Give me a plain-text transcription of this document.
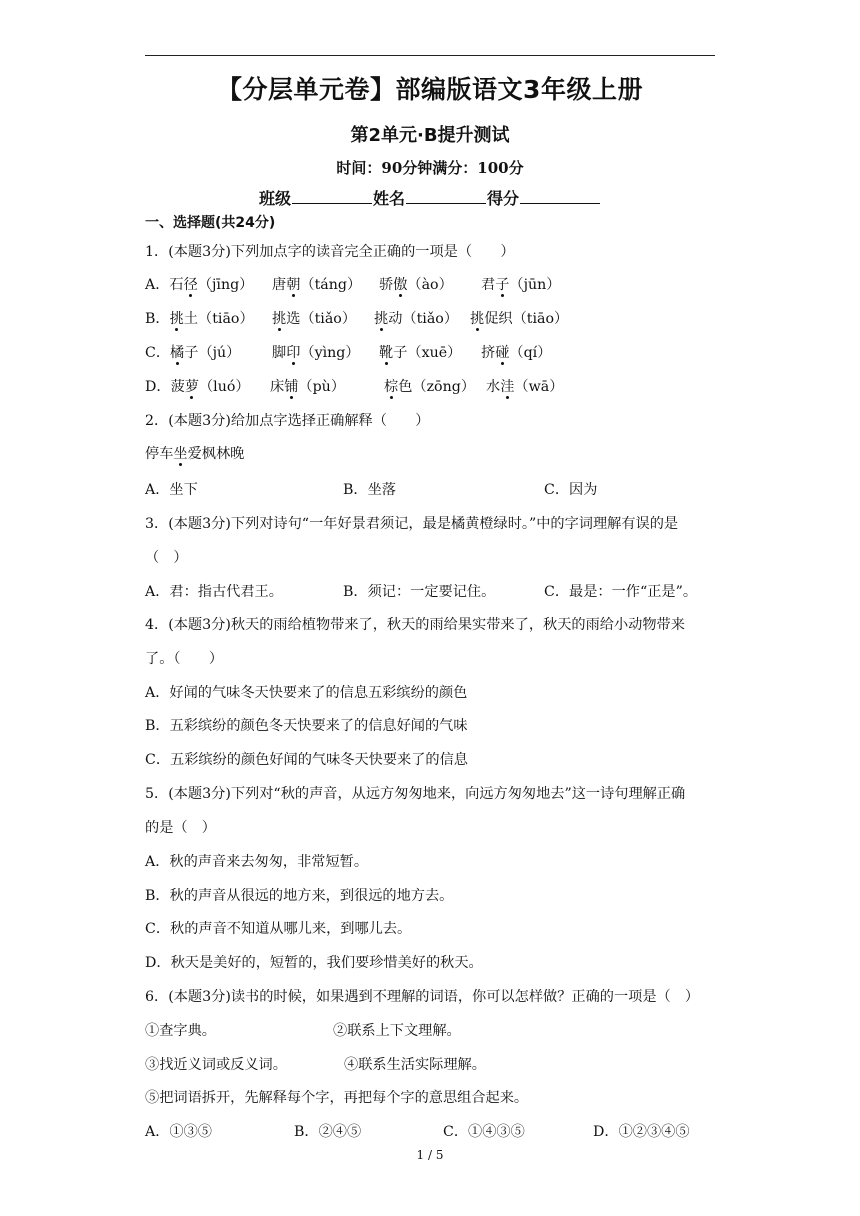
【分层单元卷】部编版语文3年级上册
第2单元·B提升测试
时间：90分钟满分：100分
班级	姓名	得分
一、选择题(共24分)
1．(本题3分)下列加点字的读音完全正确的一项是（　　）
A．石径（jīng） 唐朝（táng） 骄傲（ào） 君子（jūn）
B．挑土（tiāo） 挑选（tiǎo） 挑动（tiǎo） 挑促织（tiāo）
C．橘子（jú） 脚印（yìng） 靴子（xuē） 挤碰（qí）
D．菠萝（luó） 床铺（pù）	棕色（zōng） 水洼（wā）
2．(本题3分)给加点字选择正确解释（　　）
停车坐爱枫林晚
A．坐下	B．坐落	C．因为
3．(本题3分)下列对诗句“一年好景君须记，最是橘黄橙绿时。”中的字词理解有误的是
（　）
A．君：指古代君王。	B．须记：一定要记住。	C．最是：一作“正是”。
4．(本题3分)秋天的雨给植物带来了，秋天的雨给果实带来了，秋天的雨给小动物带来
了。（　　）
A．好闻的气味冬天快要来了的信息五彩缤纷的颜色
B．五彩缤纷的颜色冬天快要来了的信息好闻的气味
C．五彩缤纷的颜色好闻的气味冬天快要来了的信息
5．(本题3分)下列对“秋的声音，从远方匆匆地来，向远方匆匆地去”这一诗句理解正确
的是（　）
A．秋的声音来去匆匆，非常短暂。
B．秋的声音从很远的地方来，到很远的地方去。
C．秋的声音不知道从哪儿来，到哪儿去。
D．秋天是美好的，短暂的，我们要珍惜美好的秋天。
6．(本题3分)读书的时候，如果遇到不理解的词语，你可以怎样做？正确的一项是（　）
①查字典。	②联系上下文理解。
③找近义词或反义词。	④联系生活实际理解。
⑤把词语拆开，先解释每个字，再把每个字的意思组合起来。
A．①③⑤	B．②④⑤	C．①④③⑤	D．①②③④⑤
1 / 5
